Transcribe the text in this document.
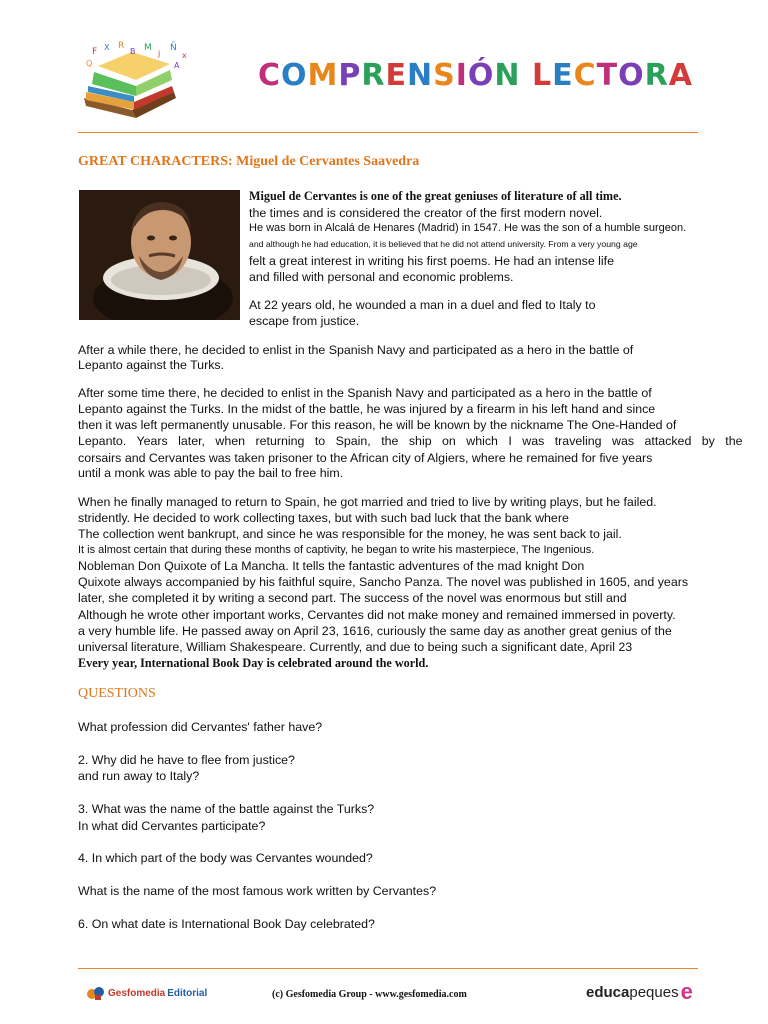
F X R
B M
j
Ñ
x
Q	A	COMPRENSIÓN LECTORA
GREAT CHARACTERS: Miguel de Cervantes Saavedra
Miguel de Cervantes is one of the great geniuses of literature of all time.
the times and is considered the creator of the first modern novel.
He was born in Alcalá de Henares (Madrid) in 1547. He was the son of a humble surgeon.
and although he had education, it is believed that he did not attend university. From a very young age
felt a great interest in writing his first poems. He had an intense life
and filled with personal and economic problems.
At 22 years old, he wounded a man in a duel and fled to Italy to
escape from justice.
After a while there, he decided to enlist in the Spanish Navy and participated as a hero in the battle of
Lepanto against the Turks.
After some time there, he decided to enlist in the Spanish Navy and participated as a hero in the battle of
Lepanto against the Turks. In the midst of the battle, he was injured by a firearm in his left hand and since
then it was left permanently unusable. For this reason, he will be known by the nickname The One-Handed of
Lepanto. Years later, when returning to Spain, the ship on which I was traveling was attacked by the
corsairs and Cervantes was taken prisoner to the African city of Algiers, where he remained for five years
until a monk was able to pay the bail to free him.
When he finally managed to return to Spain, he got married and tried to live by writing plays, but he failed.
stridently. He decided to work collecting taxes, but with such bad luck that the bank where
The collection went bankrupt, and since he was responsible for the money, he was sent back to jail.
It is almost certain that during these months of captivity, he began to write his masterpiece, The Ingenious.
Nobleman Don Quixote of La Mancha. It tells the fantastic adventures of the mad knight Don
Quixote always accompanied by his faithful squire, Sancho Panza. The novel was published in 1605, and years
later, she completed it by writing a second part. The success of the novel was enormous but still and
Although he wrote other important works, Cervantes did not make money and remained immersed in poverty.
a very humble life. He passed away on April 23, 1616, curiously the same day as another great genius of the
universal literature, William Shakespeare. Currently, and due to being such a significant date, April 23
Every year, International Book Day is celebrated around the world.
QUESTIONS
What profession did Cervantes' father have?
2. Why did he have to flee from justice?
and run away to Italy?
3. What was the name of the battle against the Turks?
In what did Cervantes participate?
4. In which part of the body was Cervantes wounded?
What is the name of the most famous work written by Cervantes?
6. On what date is International Book Day celebrated?
Gesfomedia Editorial	(c) Gesfomedia Group - www.gesfomedia.com	educa peques e
